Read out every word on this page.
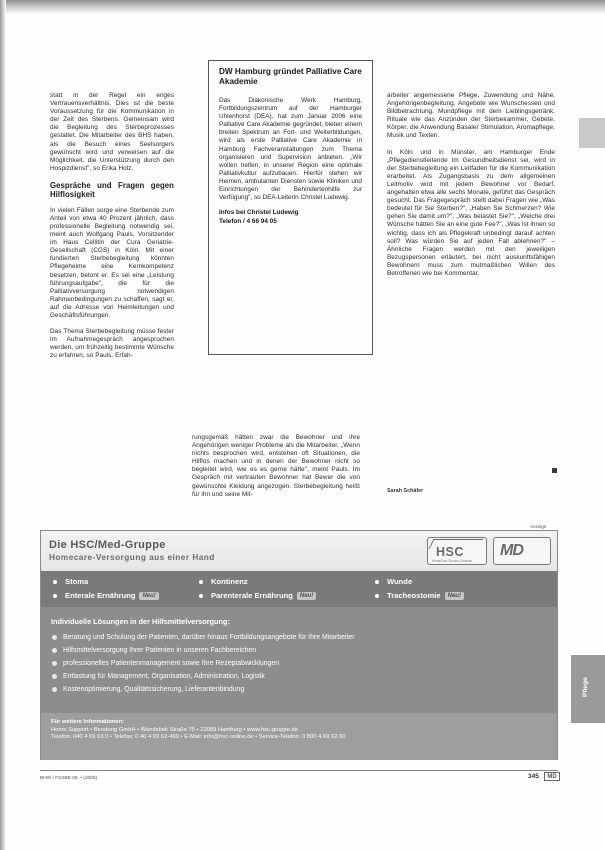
statt in der Regel ein enges Vertrauensverhältnis. Dies ist die beste Voraussetzung für die Kommunikation in der Zeit des Sterbens. Gemeinsam wird die Begleitung des Sterbeprozesses gestaltet. Die Mitarbeiter des BHS haben, als die Besuch eines Seelsorgers gewünscht wird und verweisen auf die Möglichkeit, die Unterstützung durch den Hospizdienst", so Erika Holz.

Gespräche und Fragen gegen Hilflosigkeit

In vielen Fällen sorge eine Sterbende zum Anteil von etwa 40 Prozent jährlich, dass professionelle Begleitung notwendig sei, meint auch Wolfgang Pauls, Vorsitzender im Haus Cellitin der Cura Geriatrie-Gesellschaft (CGS) in Köln. Mit einer fundierten Sterbebegleitung könnten Pflegeheime eine Kernkompetenz besetzen, betont er. Es sei eine „Leistung führungsaufgabe", die für die Palliativversorgung notwendigen Rahmenbedingungen zu schaffen, sagt er, auf die Adresse von Heimleitungen und Geschäftsführungen.

Das Thema Sterbebegleitung müsse fester im Aufnahmegespräch angesprochen werden, um frühzeitig bestimmte Wünsche zu erfahren, so Pauls. Erfah-

DW Hamburg gründet Palliative Care Akademie

Das Diakonische Werk Hamburg, Fortbildungszentrum auf der Hamburger Uhlenhorst (DEA), hat zum Januar 2006 eine Palliative Care Akademie gegründet, bieten einem breiten Spektrum an Fort- und Weiterbildungen, wird als erste Palliative Care Akademie in Hamburg Fachveranstaltungen zum Thema organisieren und Supervision anbieten. „Wir wollen helfen, in unserer Region eine optimale Palliativkultur aufzubauen. Hierfür stehen wir Heimen, ambulanten Diensten sowie Kliniken und Einrichtungen der Behindertenhilfe zur Verfügung", so DEA-Leiterin Christel Ludewig.

Infos bei Christel Ludewig

Telefon / 4 66 94 05

rungsgemäß hätten zwar die Bewohner und ihre Angehörigen weniger Probleme als die Mitarbeiter. „Wenn nichts besprochen wird, entstehen oft Situationen, die Hilflos machen und in denen der Bewohner nicht so begleitet wird, wie es es gerne hätte", meint Pauls. Im Gespräch mit vertrauten Bewohner hat Bewer die von gewünschte Kleidung angezogen. Sterbebegleitung heißt für ihn und seine Mit-

arbeiter angemessene Pflege, Zuwendung und Nähe, Angehörigenbegleitung, Angebote wie Wunschessen und Bildbetrachtung. Mundpflege mit dem Lieblingsgetränk, Rituale wie das Anzünden der Sterbekammer, Gebete, Körper, die Anwendung Basaler Stimulation, Aromapflege, Musik und Texten.

In Köln und in Münster, am Hamburger Ende „Pflegedienstleitende Im Gesundheitsdienst sei, wird in der Sterbebegleitung ein Leitfaden für die Kommunikation erarbeitet. Als Zugangsbasis zu dem allgemeinen Leitmotiv wird mit jedem Bewohner vor Bedarf, angehalten etwa alle sechs Monate, geführt das Gespräch gesucht. Das Fragegespräch stellt dabei Fragen wie „Was bedeutet für Sie Sterben?", „Haben Sie Schmerzen? Wie gehen Sie damit um?", „Was belastet Sie?", „Welche drei Wünsche hätten Sie an eine gute Fee?", „Was ist ihnen so wichtig, dass ich als Pflegekraft unbedingt darauf achten soll? Was würden Sie auf jeden Fall ablehnen?" – Ähnliche Fragen werden mit den jeweiligen Bezugspersonen erläutert, bei nicht auskunftsfähigen Bewohnern muss zum mutmaßlichen Willen des Betroffenen wie bei Kommentar.

Sarah Schäfer
Anzeige
Die HSC/Med-Gruppe
Homecare-Versorgung aus einer Hand	HSC
HomeCare Service Centrum
MD
Stoma	Kontinenz	Wunde
Enterale Ernährung Neu!	Parenterale Ernährung Neu!	Tracheostomie Neu!
Individuelle Lösungen in der Hilfsmittelversorgung:
Beratung und Schulung der Patienten, darüber hinaus Fortbildungsangebote für Ihre Mitarbeiter
Hilfsmittelversorgung Ihrer Patienten in unseren Fachbereichen
professionelles Patientenmanagement sowie Ihre Rezeptabwicklungen
Entlastung für Management, Organisation, Administration, Logistik
Kostenoptimierung, Qualitätssicherung, Lieferantenbindung
Für weitere Informationen:
Home Support • Beratung GmbH • Wandsbek Straße 75 • 22089 Hamburg • www.hsc-gruppe.de
Telefon: 040 4 69 63 0 • Telefax: 0 40 4 69 62-499 • E-Mail: info@hsc-online.de • Service-Telefon: 0 800 4 69 62 00
Pflege
BHW / FSSBE 06. • (2008)	345	MD
